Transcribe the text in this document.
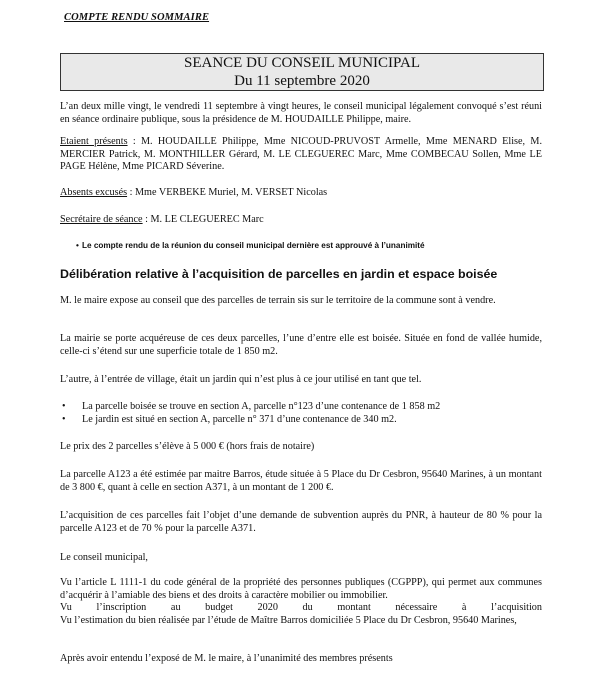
COMPTE RENDU SOMMAIRE
SEANCE DU CONSEIL MUNICIPAL
Du 11 septembre 2020
L’an deux mille vingt, le vendredi 11 septembre à vingt heures, le conseil municipal légalement convoqué s’est réuni en séance ordinaire publique, sous la présidence de M. HOUDAILLE Philippe, maire.
Etaient présents : M. HOUDAILLE Philippe, Mme NICOUD-PRUVOST Armelle, Mme MENARD Elise, M. MERCIER Patrick, M. MONTHILLER Gérard, M. LE CLEGUEREC Marc, Mme COMBECAU Sollen, Mme LE PAGE Hélène, Mme PICARD Séverine.
Absents excusés : Mme VERBEKE Muriel, M. VERSET Nicolas
Secrétaire de séance : M. LE CLEGUEREC Marc
• Le compte rendu de la réunion du conseil municipal dernière est approuvé à l’unanimité
Délibération relative à l’acquisition de parcelles en jardin et espace boisée
M. le maire expose au conseil que des parcelles de terrain sis sur le territoire de la commune sont à vendre.
La mairie se porte acquéreuse de ces deux parcelles, l’une d’entre elle est boisée. Située en fond de vallée humide, celle-ci s’étend sur une superficie totale de 1 850 m2.
L’autre, à l’entrée de village, était un jardin qui n’est plus à ce jour utilisé en tant que tel.
• La parcelle boisée se trouve en section A, parcelle n°123 d’une contenance de 1 858 m2
• Le jardin est situé en section A, parcelle n° 371 d’une contenance de 340 m2.
Le prix des 2 parcelles s’élève à 5 000 € (hors frais de notaire)
La parcelle A123 a été estimée par maitre Barros, étude située à 5 Place du Dr Cesbron, 95640 Marines, à un montant de 3 800 €, quant à celle en section A371, à un montant de 1 200 €.
L’acquisition de ces parcelles fait l’objet d’une demande de subvention auprès du PNR, à hauteur de 80 % pour la parcelle A123 et de 70 % pour la parcelle A371.
Le conseil municipal,
Vu l’article L 1111-1 du code général de la propriété des personnes publiques (CGPPP), qui permet aux communes d’acquérir à l’amiable des biens et des droits à caractère mobilier ou immobilier.
Vu l’inscription au budget 2020 du montant nécessaire à l’acquisition
Vu l’estimation du bien réalisée par l’étude de Maître Barros domiciliée 5 Place du Dr Cesbron, 95640 Marines,
Après avoir entendu l’exposé de M. le maire, à l’unanimité des membres présents
